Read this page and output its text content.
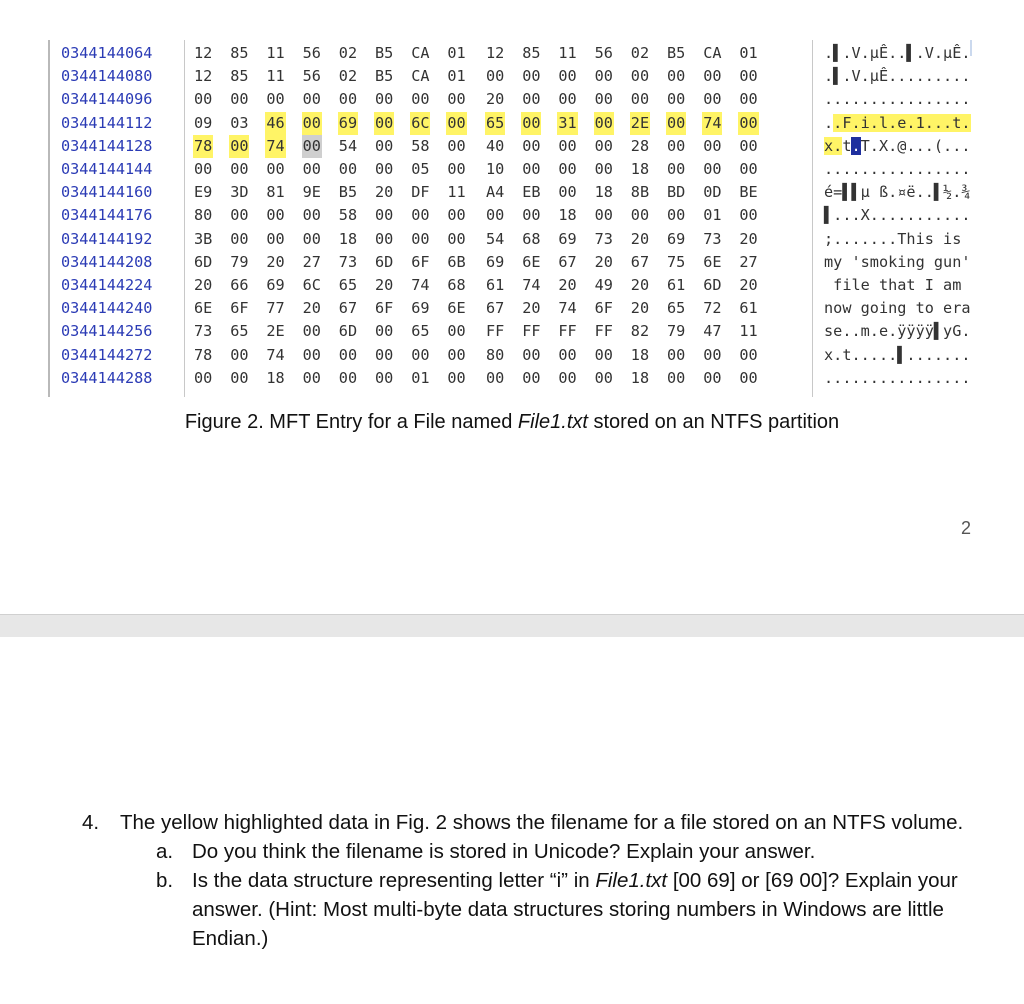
0344144064	12	85	11	56	02	B5	CA	01	12	85	11	56	02	B5	CA	01	.▌.V.µÊ..▌.V.µÊ.
0344144080	12	85	11	56	02	B5	CA	01	00	00	00	00	00	00	00	00	.▌.V.µÊ.........
0344144096	00	00	00	00	00	00	00	00	20	00	00	00	00	00	00	00	................
0344144112	09	03	46	00	69	00	6C	00	65	00	31	00	2E	00	74	00	..F.i.l.e.1...t.
0344144128	78	00	74	00	54	00	58	00	40	00	00	00	28	00	00	00	x.t.T.X.@...(...
0344144144	00	00	00	00	00	00	05	00	10	00	00	00	18	00	00	00	................
0344144160	E9	3D	81	9E	B5	20	DF	11	A4	EB	00	18	8B	BD	0D	BE	é=▌▌µ ß.¤ë..▌½.¾
0344144176	80	00	00	00	58	00	00	00	00	00	18	00	00	00	01	00	▌...X...........
0344144192	3B	00	00	00	18	00	00	00	54	68	69	73	20	69	73	20	;.......This is
0344144208	6D	79	20	27	73	6D	6F	6B	69	6E	67	20	67	75	6E	27	my 'smoking gun'
0344144224	20	66	69	6C	65	20	74	68	61	74	20	49	20	61	6D	20	file that I am
0344144240	6E	6F	77	20	67	6F	69	6E	67	20	74	6F	20	65	72	61	now going to era
0344144256	73	65	2E	00	6D	00	65	00	FF	FF	FF	FF	82	79	47	11	se..m.e.ÿÿÿÿ▌yG.
0344144272	78	00	74	00	00	00	00	00	80	00	00	00	18	00	00	00	x.t.....▌.......
0344144288	00	00	18	00	00	00	01	00	00	00	00	00	18	00	00	00	................
Figure 2. MFT Entry for a File named File1.txt stored on an NTFS partition
2
4. The yellow highlighted data in Fig. 2 shows the filename for a file stored on an NTFS volume.
a. Do you think the filename is stored in Unicode? Explain your answer.
b. Is the data structure representing letter “i” in File1.txt [00 69] or [69 00]? Explain your answer. (Hint: Most multi-byte data structures storing numbers in Windows are little Endian.)
